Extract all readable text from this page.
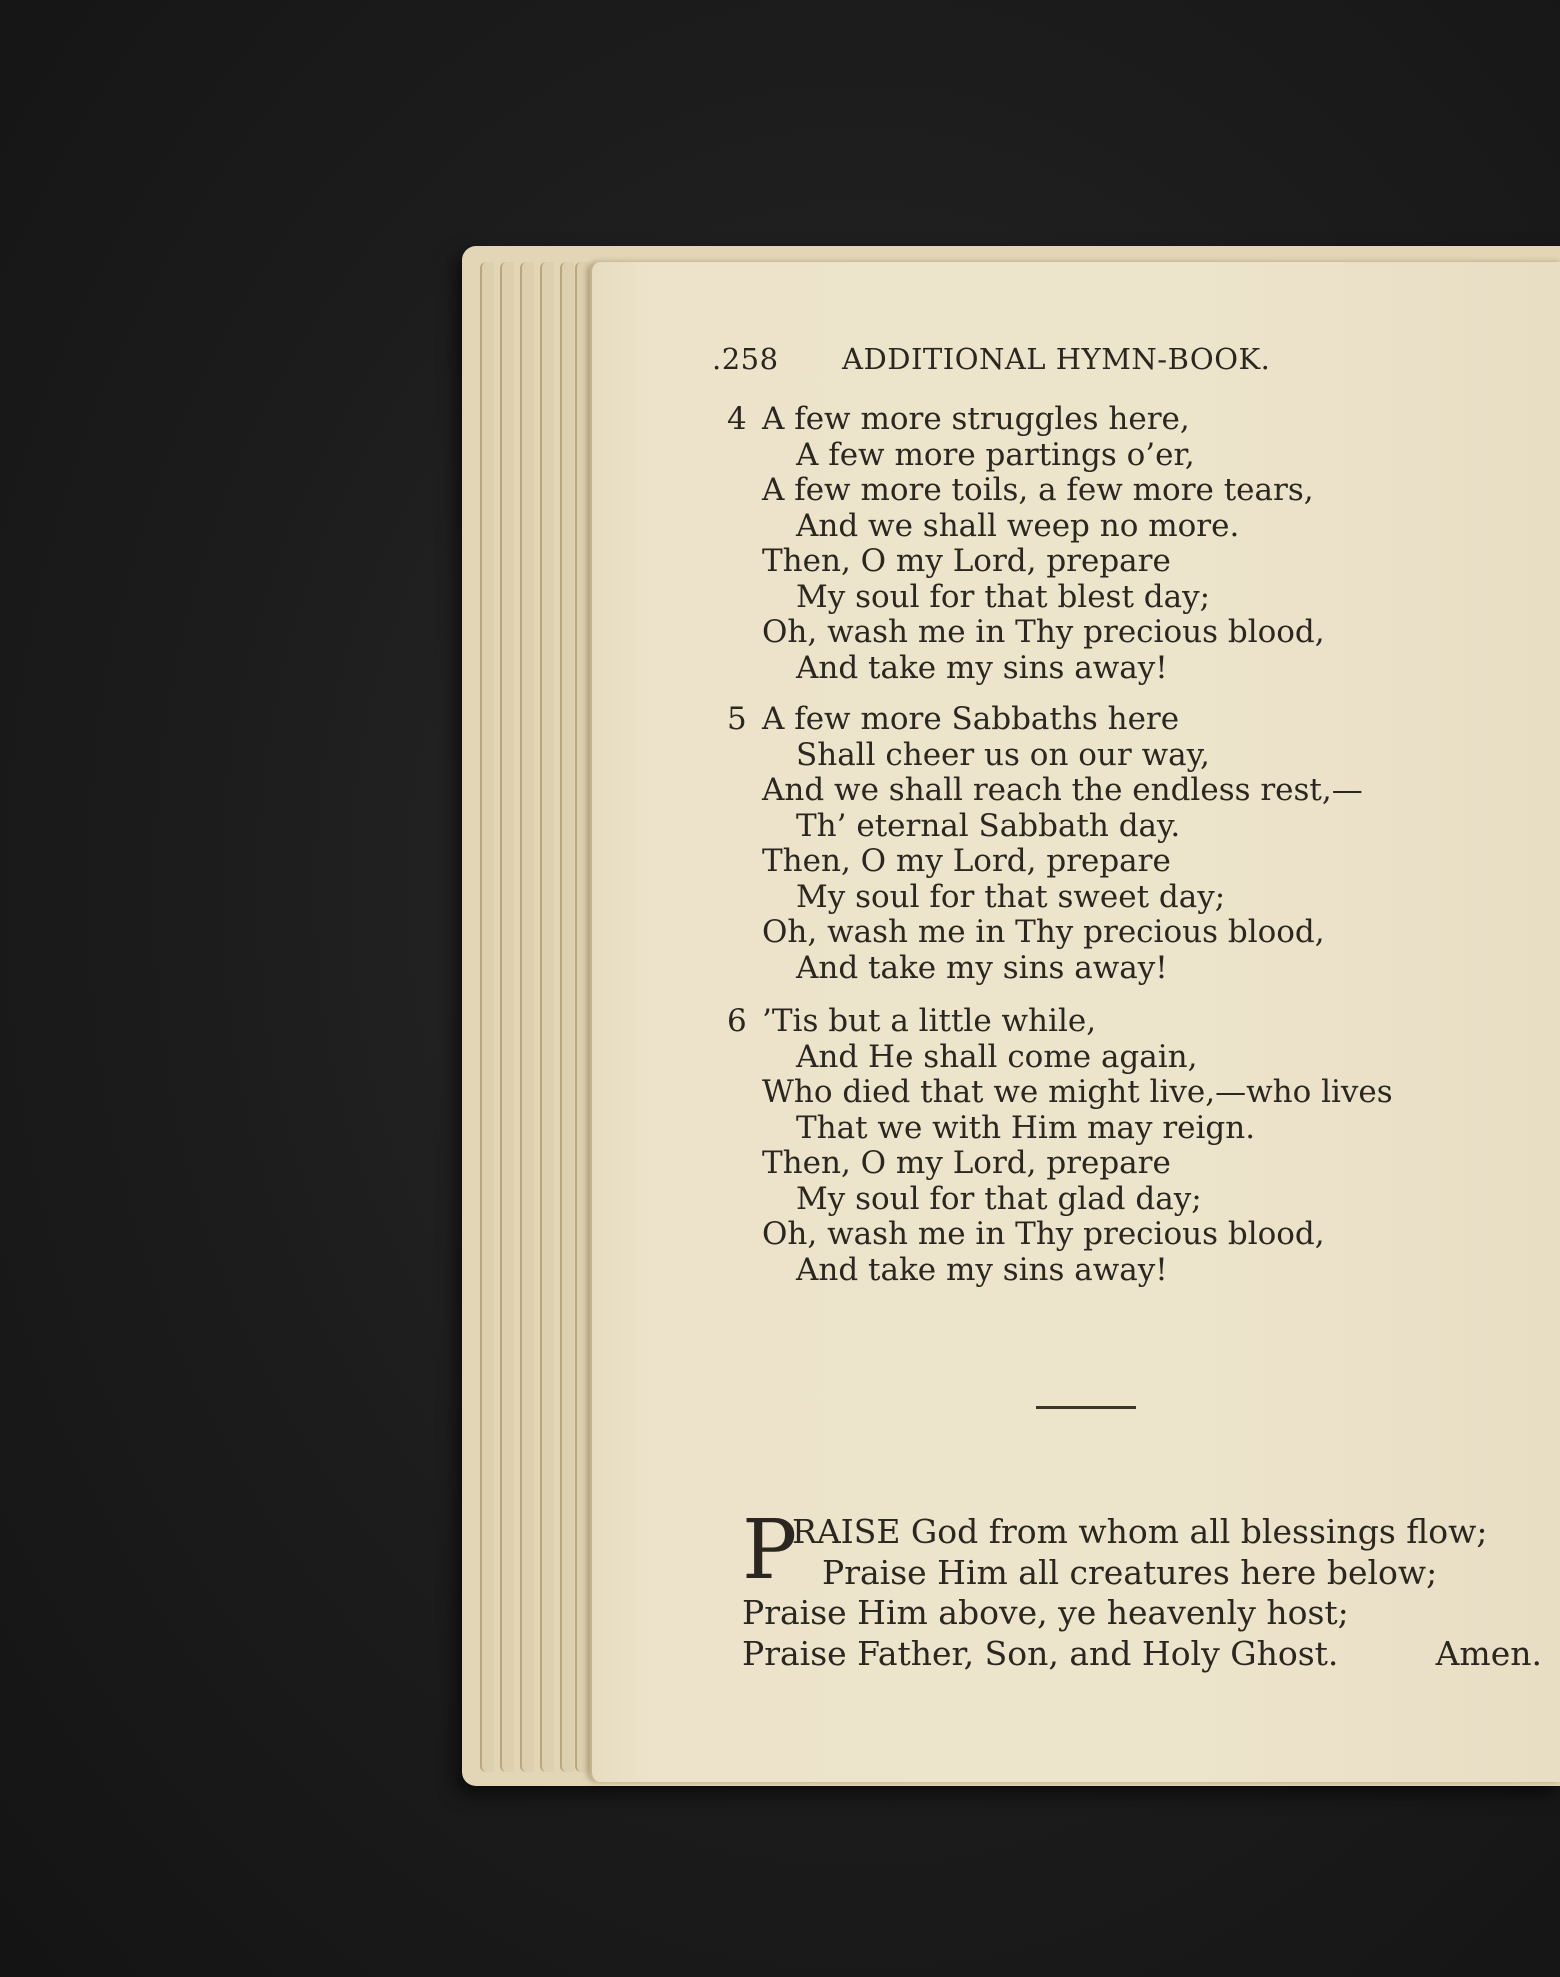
.258 ADDITIONAL HYMN-BOOK.
4 A few more struggles here,
A few more partings o’er,
A few more toils, a few more tears,
And we shall weep no more.
Then, O my Lord, prepare
My soul for that blest day;
Oh, wash me in Thy precious blood,
And take my sins away!
5 A few more Sabbaths here
Shall cheer us on our way,
And we shall reach the endless rest,—
Th’ eternal Sabbath day.
Then, O my Lord, prepare
My soul for that sweet day;
Oh, wash me in Thy precious blood,
And take my sins away!
6 ’Tis but a little while,
And He shall come again,
Who died that we might live,—who lives
That we with Him may reign.
Then, O my Lord, prepare
My soul for that glad day;
Oh, wash me in Thy precious blood,
And take my sins away!
P
RAISE God from whom all blessings flow;
Praise Him all creatures here below;
Praise Him above, ye heavenly host;
Praise Father, Son, and Holy Ghost.	Amen.
